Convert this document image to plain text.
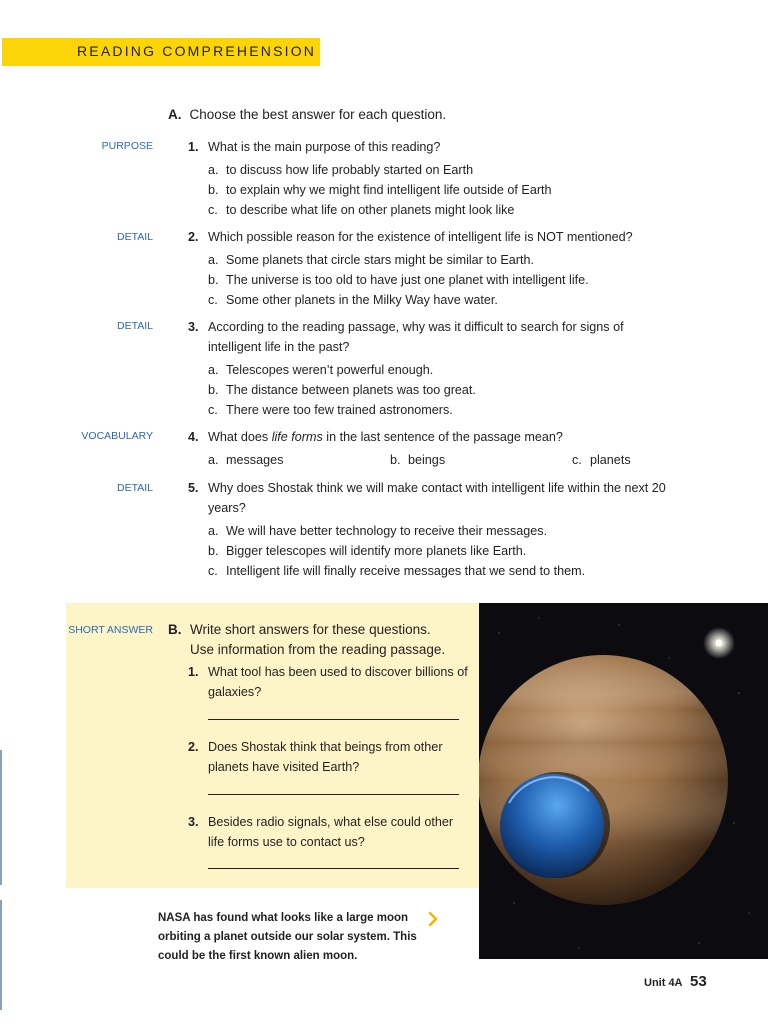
READING COMPREHENSION
A. Choose the best answer for each question.
PURPOSE	1. What is the main purpose of this reading?
a. to discuss how life probably started on Earth
b. to explain why we might find intelligent life outside of Earth
c. to describe what life on other planets might look like
DETAIL	2. Which possible reason for the existence of intelligent life is NOT mentioned?
a. Some planets that circle stars might be similar to Earth.
b. The universe is too old to have just one planet with intelligent life.
c. Some other planets in the Milky Way have water.
DETAIL	3. According to the reading passage, why was it difficult to search for signs of intelligent life in the past?
a. Telescopes weren’t powerful enough.
b. The distance between planets was too great.
c. There were too few trained astronomers.
VOCABULARY	4. What does life forms in the last sentence of the passage mean?
a. messages	b. beings	c. planets
DETAIL	5. Why does Shostak think we will make contact with intelligent life within the next 20 years?
a. We will have better technology to receive their messages.
b. Bigger telescopes will identify more planets like Earth.
c. Intelligent life will finally receive messages that we send to them.
SHORT ANSWER B. Write short answers for these questions.
Use information from the reading passage.
1. What tool has been used to discover billions of galaxies?
2. Does Shostak think that beings from other planets have visited Earth?
3. Besides radio signals, what else could other life forms use to contact us?
NASA has found what looks like a large moon orbiting a planet outside our solar system. This could be the first known alien moon.
Unit 4A 53
